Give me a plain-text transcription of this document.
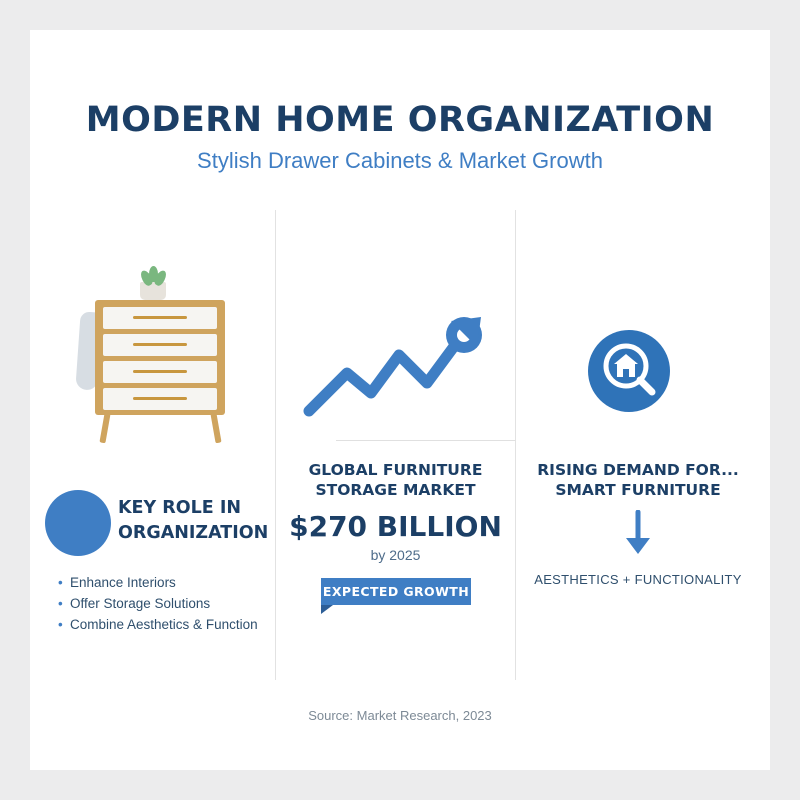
MODERN HOME ORGANIZATION
Stylish Drawer Cabinets & Market Growth
KEY ROLE IN ORGANIZATION
• Enhance Interiors
• Offer Storage Solutions
• Combine Aesthetics & Function
GLOBAL FURNITURE STORAGE MARKET
$270 BILLION
by 2025
EXPECTED GROWTH
RISING DEMAND FOR... SMART FURNITURE
AESTHETICS + FUNCTIONALITY
Source: Market Research, 2023
